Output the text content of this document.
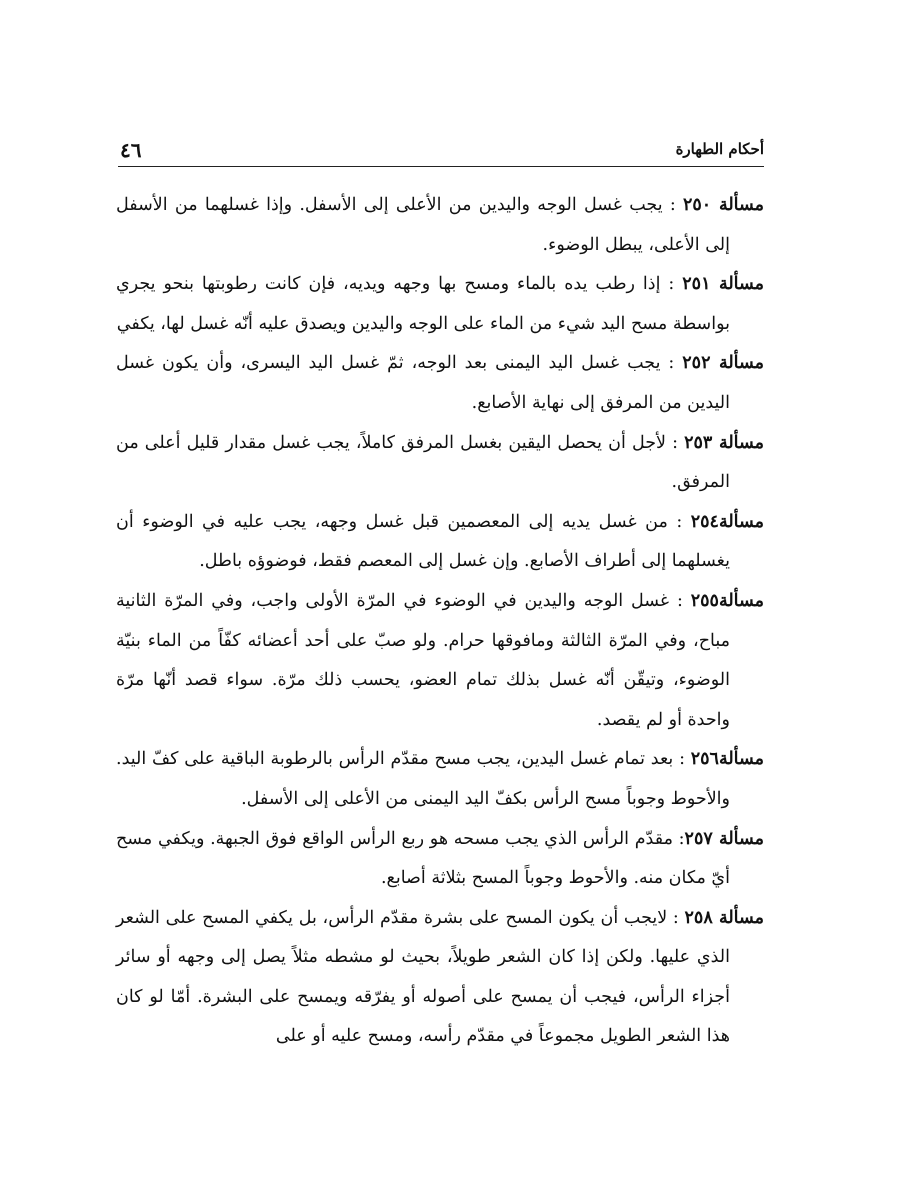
أحكام الطهارة
٤٦

مسألة ٢٥٠ : يجب غسل الوجه واليدين من الأعلى إلى الأسفل. وإذا غسلهما من الأسفل إلى الأعلى، يبطل الوضوء.

مسألة ٢٥١ : إذا رطب يده بالماء ومسح بها وجهه ويديه، فإن كانت رطوبتها بنحو يجري بواسطة مسح اليد شيء من الماء على الوجه واليدين ويصدق عليه أنّه غسل لها، يكفي

مسألة ٢٥٢ : يجب غسل اليد اليمنى بعد الوجه، ثمّ غسل اليد اليسرى، وأن يكون غسل اليدين من المرفق إلى نهاية الأصابع.

مسألة ٢٥٣ : لأجل أن يحصل اليقين بغسل المرفق كاملاً، يجب غسل مقدار قليل أعلى من المرفق.

مسألة٢٥٤ : من غسل يديه إلى المعصمين قبل غسل وجهه، يجب عليه في الوضوء أن يغسلهما إلى أطراف الأصابع. وإن غسل إلى المعصم فقط، فوضوؤه باطل.

مسألة٢٥٥ : غسل الوجه واليدين في الوضوء في المرّة الأولى واجب، وفي المرّة الثانية مباح، وفي المرّة الثالثة ومافوقها حرام. ولو صبّ على أحد أعضائه كفّاً من الماء بنيّة الوضوء، وتيقّن أنّه غسل بذلك تمام العضو، يحسب ذلك مرّة. سواء قصد أنّها مرّة واحدة أو لم يقصد.

مسألة٢٥٦ : بعد تمام غسل اليدين، يجب مسح مقدّم الرأس بالرطوبة الباقية على كفّ اليد. والأحوط وجوباً مسح الرأس بكفّ اليد اليمنى من الأعلى إلى الأسفل.

مسألة ٢٥٧: مقدّم الرأس الذي يجب مسحه هو ربع الرأس الواقع فوق الجبهة. ويكفي مسح أيّ مكان منه. والأحوط وجوباً المسح بثلاثة أصابع.

مسألة ٢٥٨ : لايجب أن يكون المسح على بشرة مقدّم الرأس، بل يكفي المسح على الشعر الذي عليها. ولكن إذا كان الشعر طويلاً، بحيث لو مشطه مثلاً يصل إلى وجهه أو سائر أجزاء الرأس، فيجب أن يمسح على أصوله أو يفرّقه ويمسح على البشرة. أمّا لو كان هذا الشعر الطويل مجموعاً في مقدّم رأسه، ومسح عليه أو على
